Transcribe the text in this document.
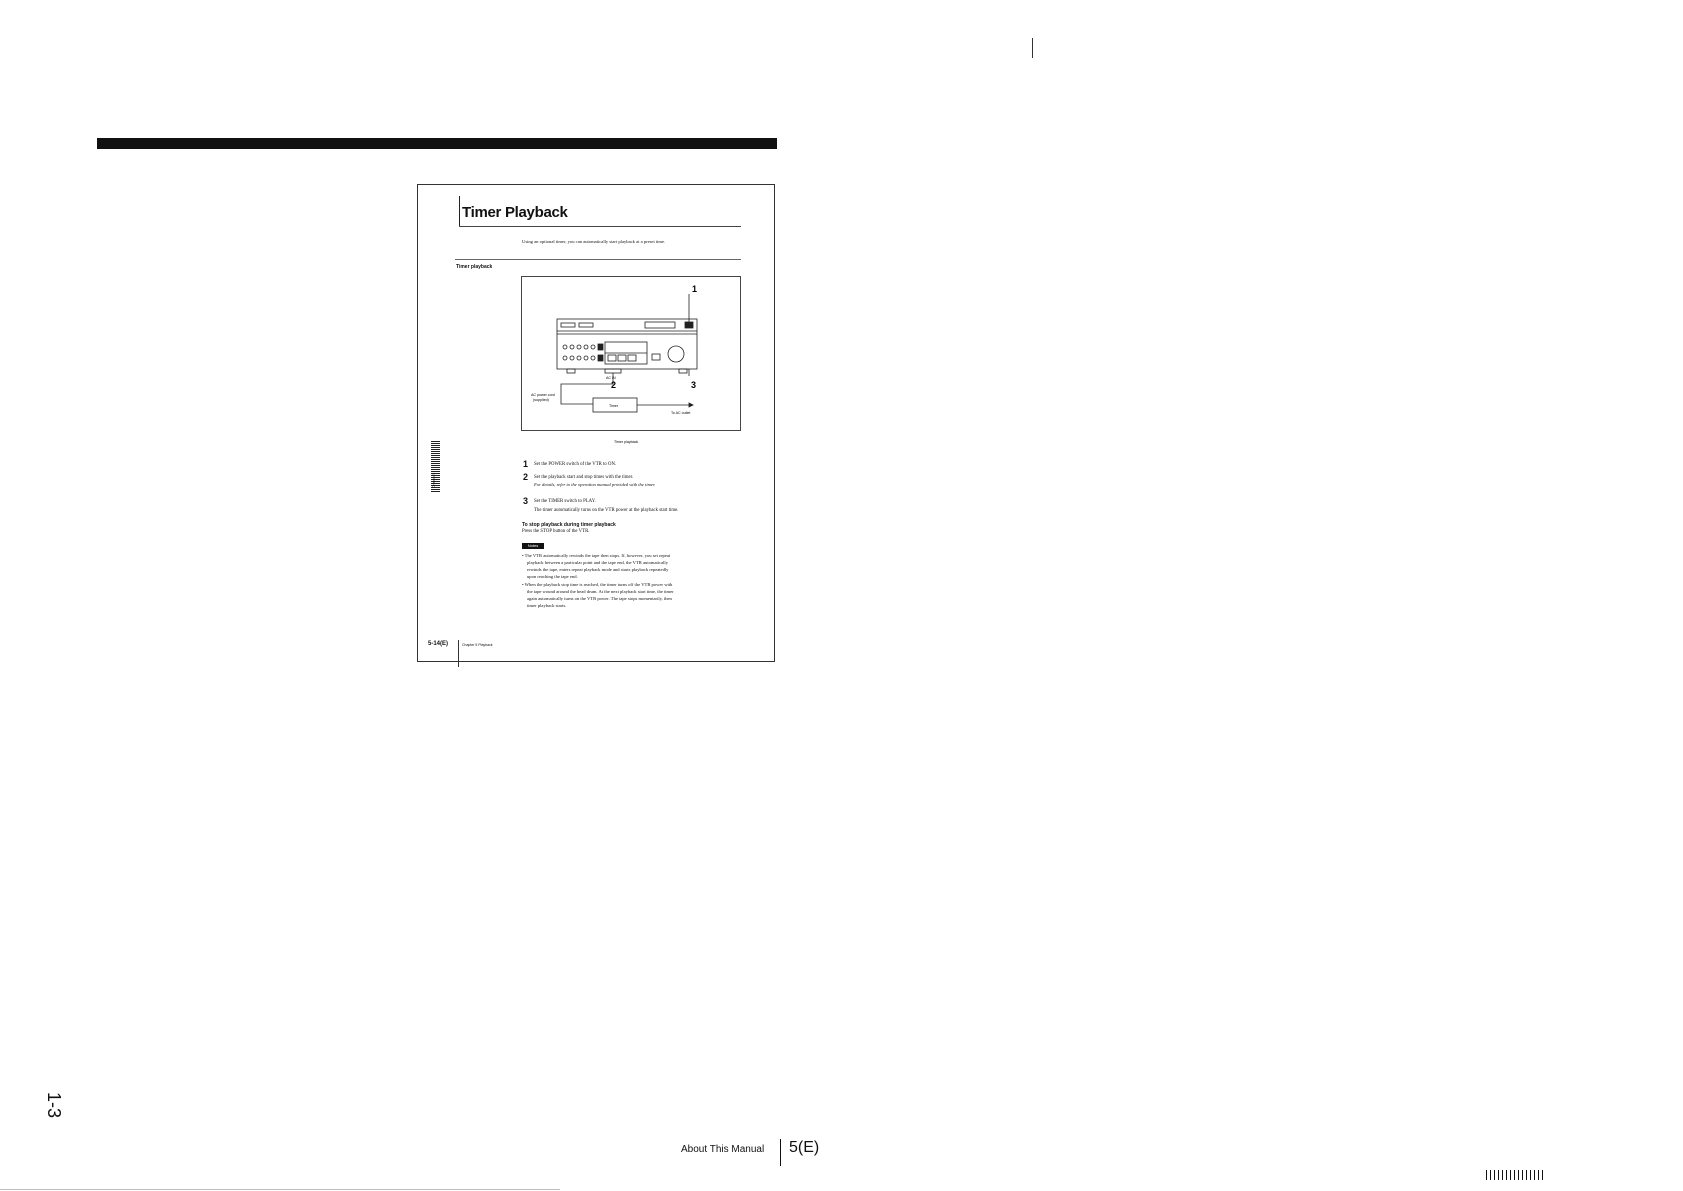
Timer Playback
Using an optional timer, you can automatically start playback at a preset time.
Timer playback
1
2	3
AC power cord
(supplied)
AC IN
Timer
To AC outlet
Timer playback
1 Set the POWER switch of the VTR to ON.
2 Set the playback start and stop times with the timer.
For details, refer to the operation manual provided with the timer.
3 Set the TIMER switch to PLAY.
The timer automatically turns on the VTR power at the playback start time.
To stop playback during timer playback
Press the STOP button of the VTR.
Notes
• The VTR automatically rewinds the tape then stops. If, however, you set repeat
playback between a particular point and the tape end, the VTR automatically
rewinds the tape, enters repeat playback mode and starts playback repeatedly
upon reaching the tape end.
• When the playback stop time is reached, the timer turns off the VTR power with
the tape wound around the head drum. At the next playback start time, the timer
again automatically turns on the VTR power. The tape stops momentarily, then
timer playback starts.
Chapter 5
5-14(E)	Chapter 5 Playback
About This Manual 5(E)
1-3
